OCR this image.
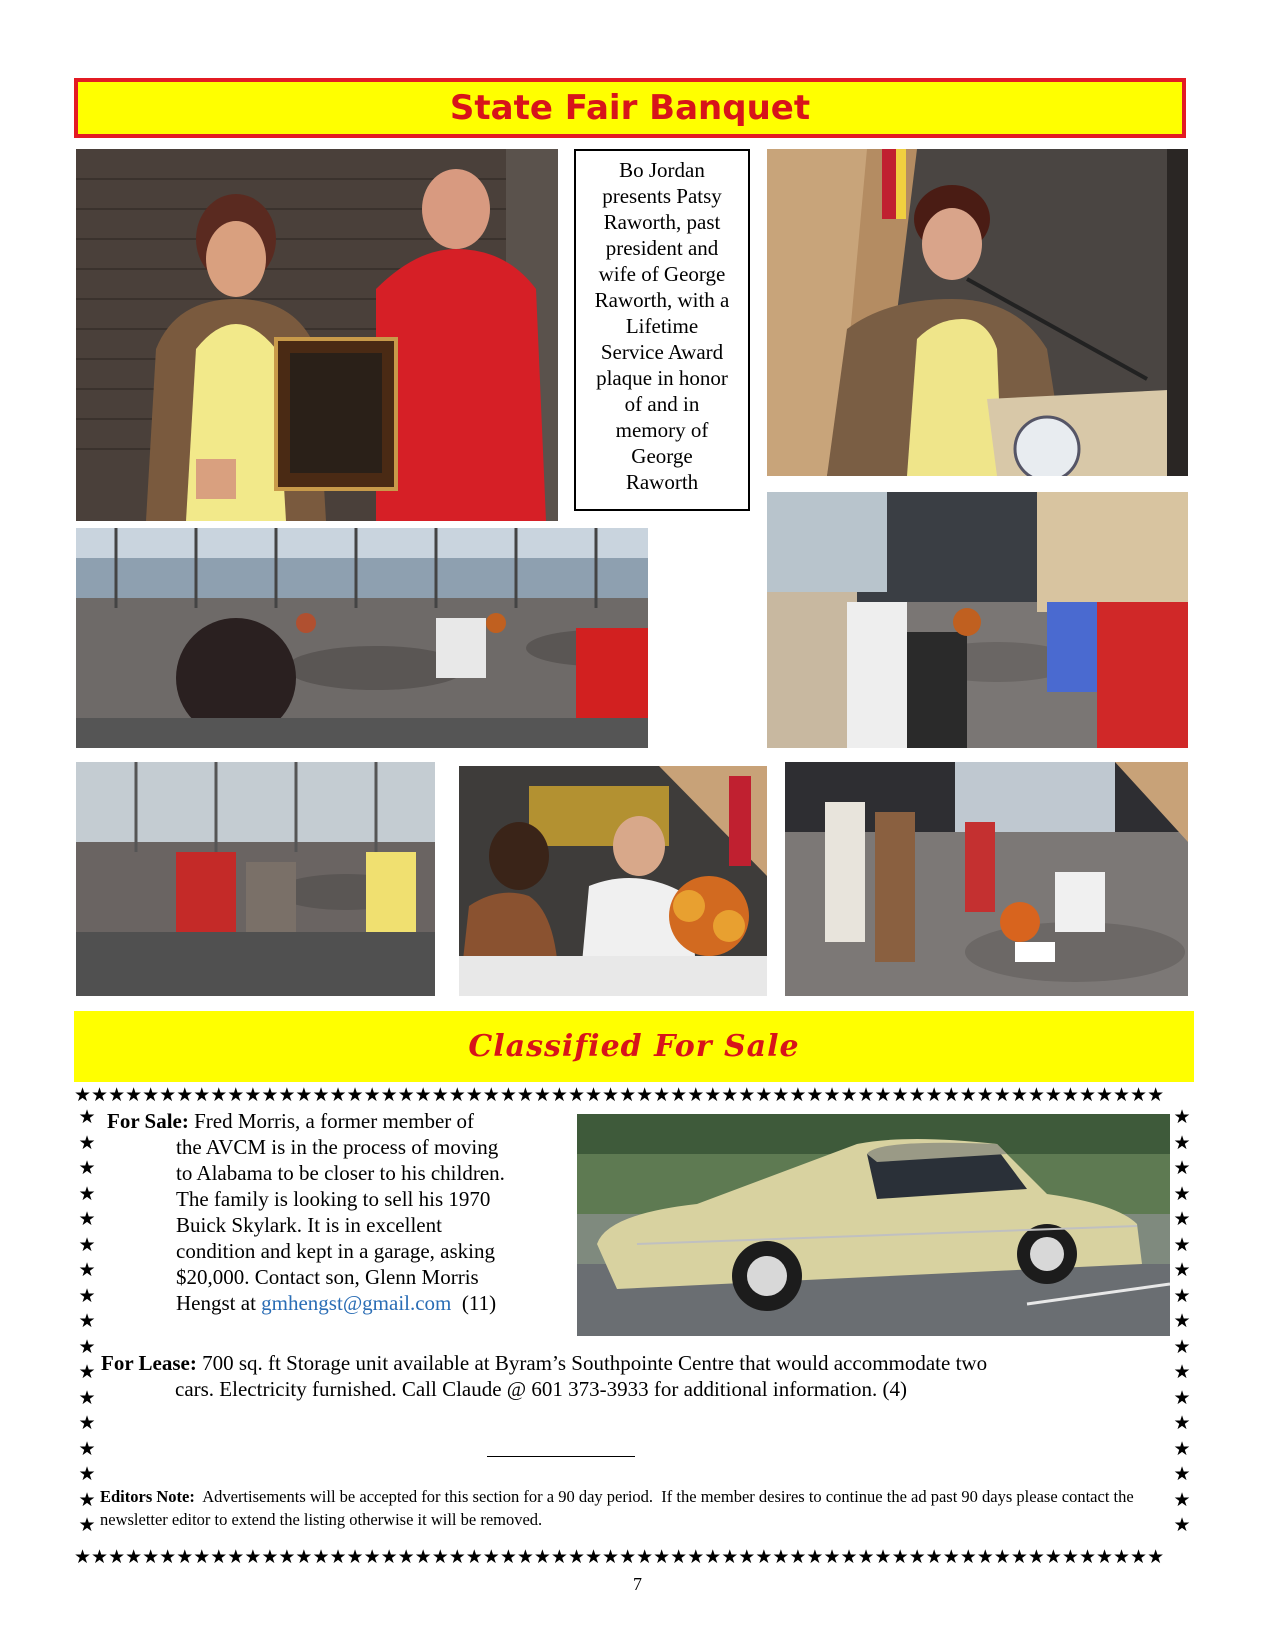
State Fair Banquet
Bo Jordan
presents Patsy
Raworth, past
president and
wife of George
Raworth, with a
Lifetime
Service Award
plaque in honor
of and in
memory of
George
Raworth
Classified For Sale
★★★★★★★★★★★★★★★★★★★★★★★★★★★★★★★★★★★★★★★★★★★★★★★★★★★★★★★★★★★★★★★★
★★★★★★★★★★★★★★★★★★★★★★★★★★★★★★★★★★★★★★★★★★★★★★★★★★★★★★★★★★★★★★★★
★★★★★★★★★★★★★★★★★
★★★★★★★★★★★★★★★★★
For Sale: Fred Morris, a former member of
the AVCM is in the process of moving
to Alabama to be closer to his children.
The family is looking to sell his 1970
Buick Skylark. It is in excellent
condition and kept in a garage, asking
$20,000. Contact son, Glenn Morris
Hengst at gmhengst@gmail.com  (11)
For Lease: 700 sq. ft Storage unit available at Byram’s Southpointe Centre that would accommodate two
cars. Electricity furnished. Call Claude @ 601 373-3933 for additional information. (4)
Editors Note:  Advertisements will be accepted for this section for a 90 day period.  If the member desires to continue the ad past 90 days please contact the newsletter editor to extend the listing otherwise it will be removed.
7
